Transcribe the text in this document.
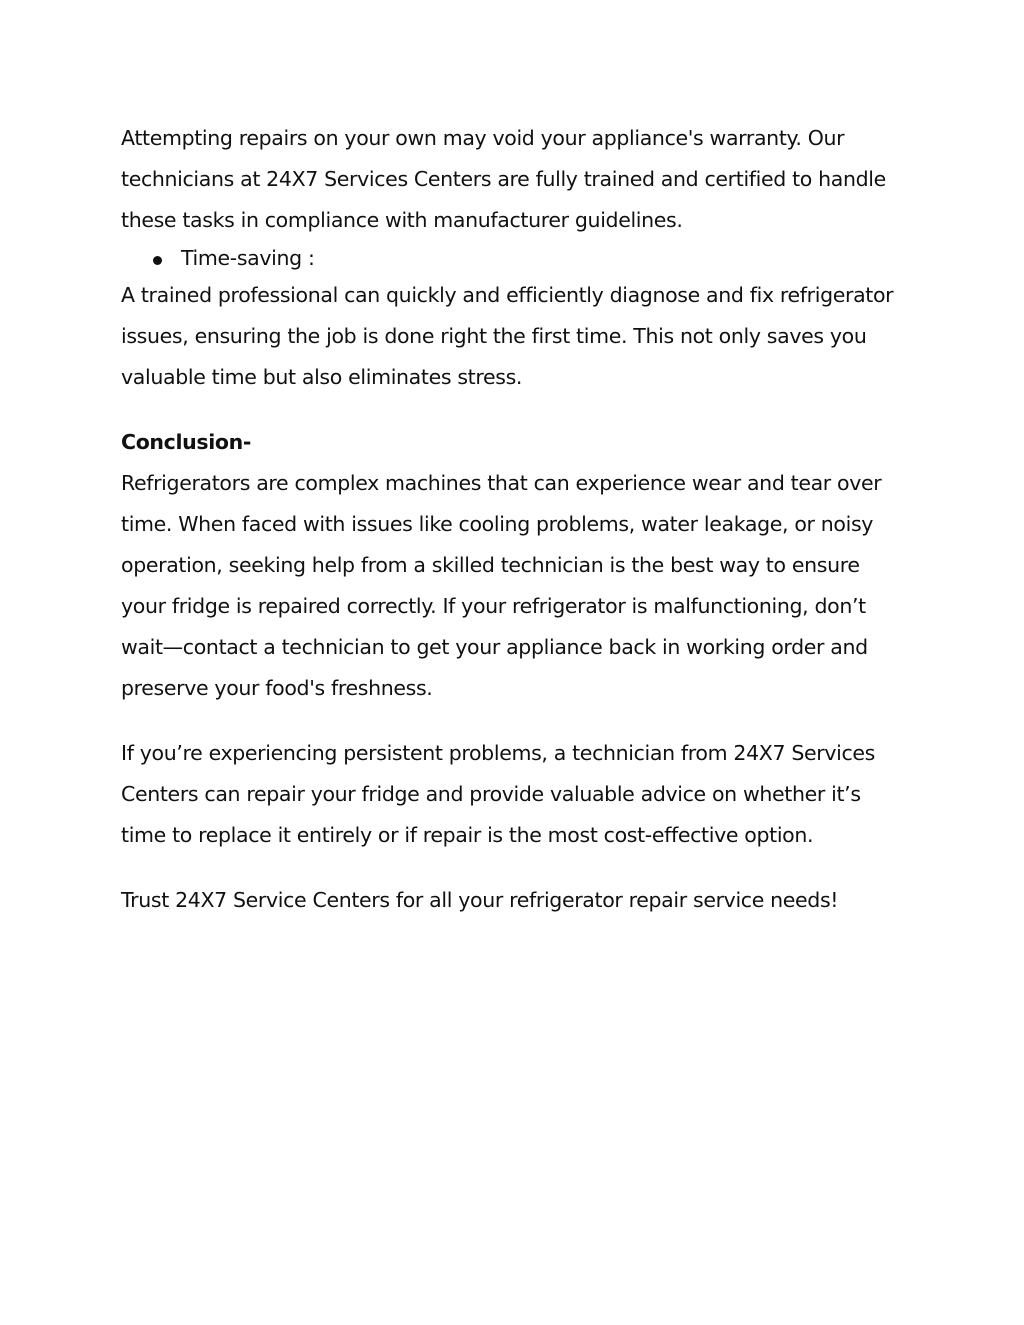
Attempting repairs on your own may void your appliance's warranty. Our technicians at 24X7 Services Centers are fully trained and certified to handle these tasks in compliance with manufacturer guidelines.

Time-saving :

A trained professional can quickly and efficiently diagnose and fix refrigerator issues, ensuring the job is done right the first time. This not only saves you valuable time but also eliminates stress.

Conclusion-

Refrigerators are complex machines that can experience wear and tear over time. When faced with issues like cooling problems, water leakage, or noisy operation, seeking help from a skilled technician is the best way to ensure your fridge is repaired correctly. If your refrigerator is malfunctioning, don’t wait—contact a technician to get your appliance back in working order and preserve your food's freshness.

If you’re experiencing persistent problems, a technician from 24X7 Services Centers can repair your fridge and provide valuable advice on whether it’s time to replace it entirely or if repair is the most cost-effective option.

Trust 24X7 Service Centers for all your refrigerator repair service needs!
